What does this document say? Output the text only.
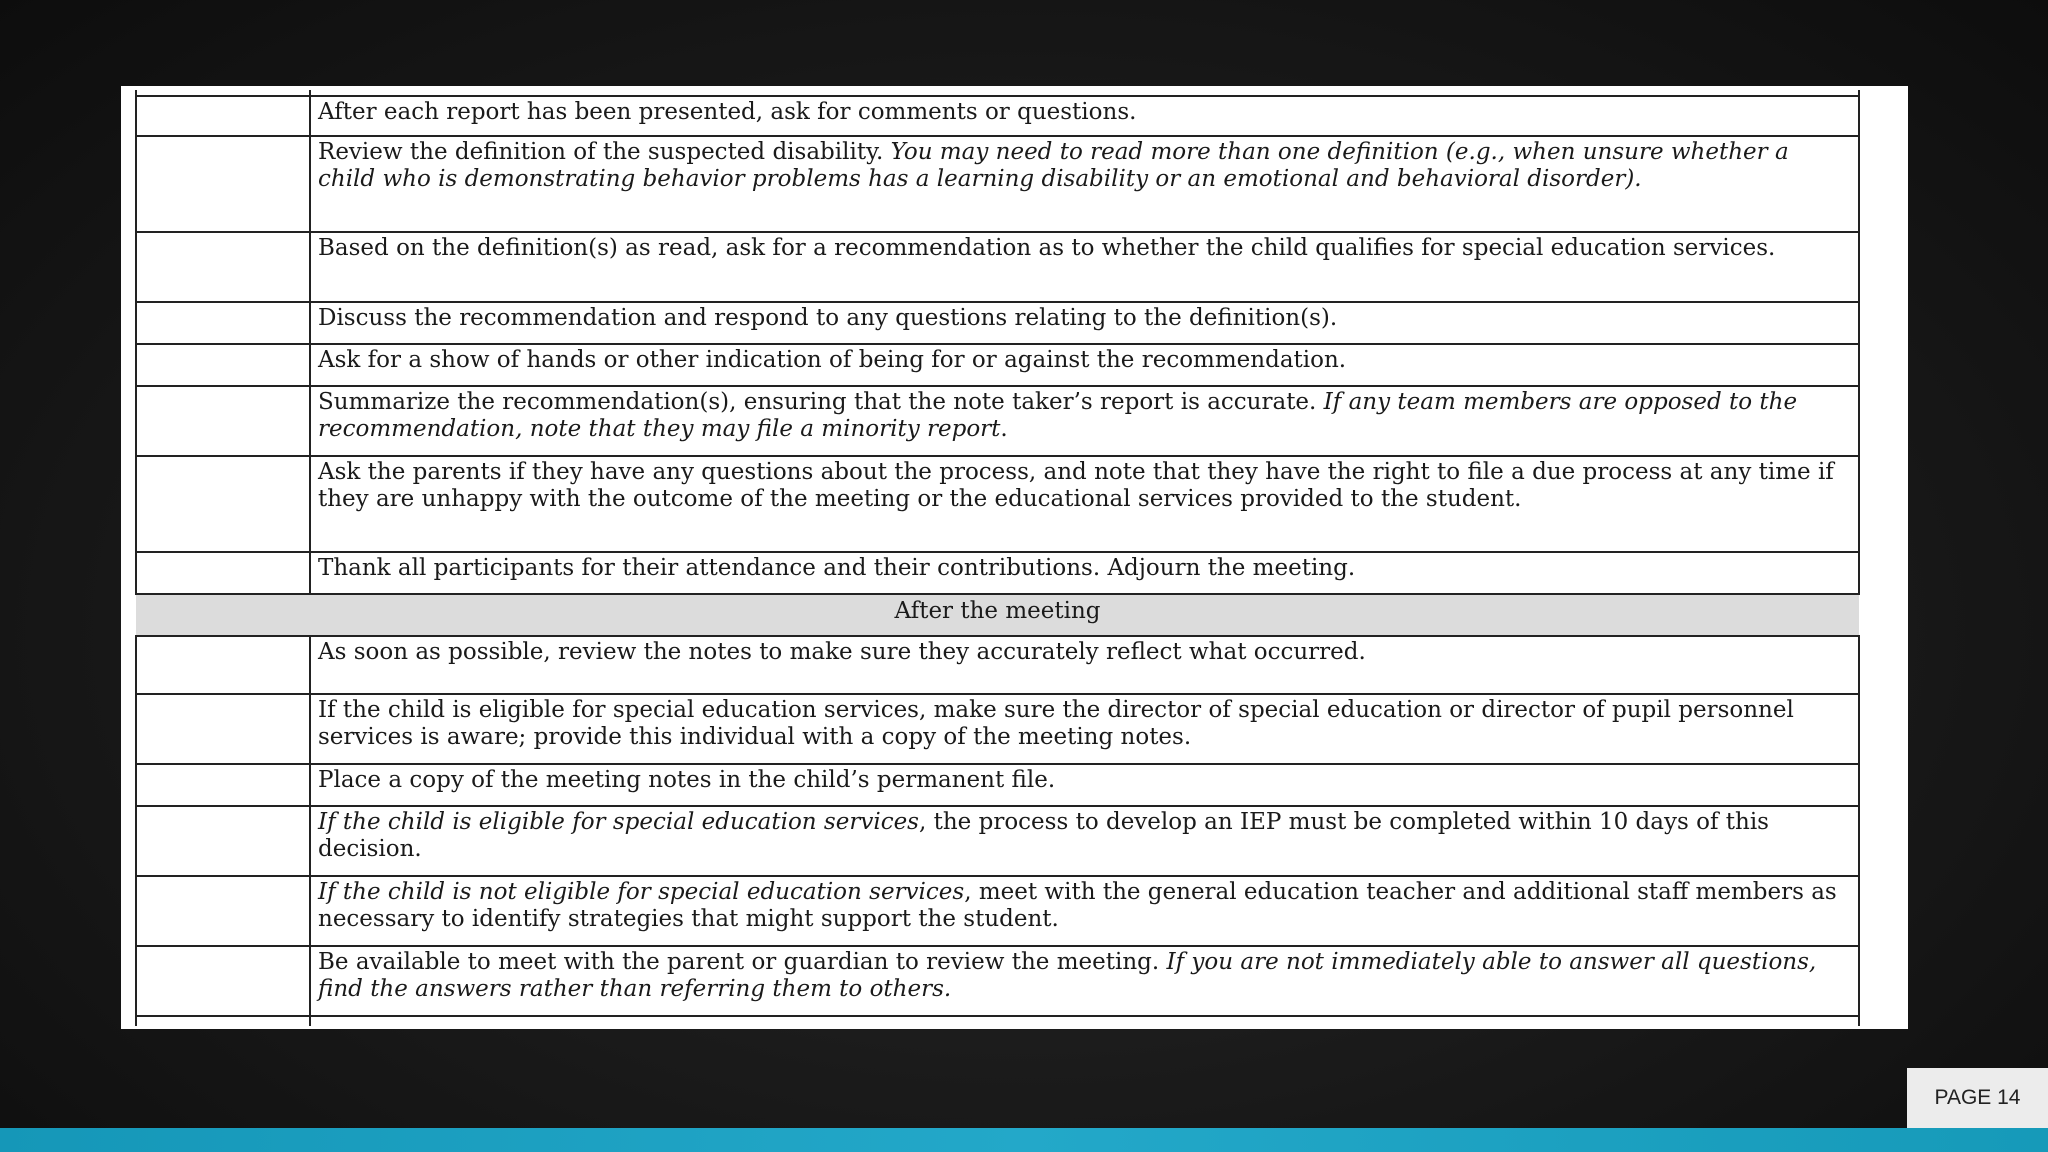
	After each report has been presented, ask for comments or questions.
	Review the definition of the suspected disability. You may need to read more than one definition (e.g., when unsure whether a child who is demonstrating behavior problems has a learning disability or an emotional and behavioral disorder).
	Based on the definition(s) as read, ask for a recommendation as to whether the child qualifies for special education services.
	Discuss the recommendation and respond to any questions relating to the definition(s).
	Ask for a show of hands or other indication of being for or against the recommendation.
	Summarize the recommendation(s), ensuring that the note taker’s report is accurate. If any team members are opposed to the recommendation, note that they may file a minority report.
	Ask the parents if they have any questions about the process, and note that they have the right to file a due process at any time if they are unhappy with the outcome of the meeting or the educational services provided to the student.
	Thank all participants for their attendance and their contributions. Adjourn the meeting.

After the meeting	

	As soon as possible, review the notes to make sure they accurately reflect what occurred.
	If the child is eligible for special education services, make sure the director of special education or director of pupil personnel services is aware; provide this individual with a copy of the meeting notes.
	Place a copy of the meeting notes in the child’s permanent file.
	If the child is eligible for special education services, the process to develop an IEP must be completed within 10 days of this decision.
	If the child is not eligible for special education services, meet with the general education teacher and additional staff members as necessary to identify strategies that might support the student.
	Be available to meet with the parent or guardian to review the meeting. If you are not immediately able to answer all questions, find the answers rather than referring them to others.

PAGE 14
